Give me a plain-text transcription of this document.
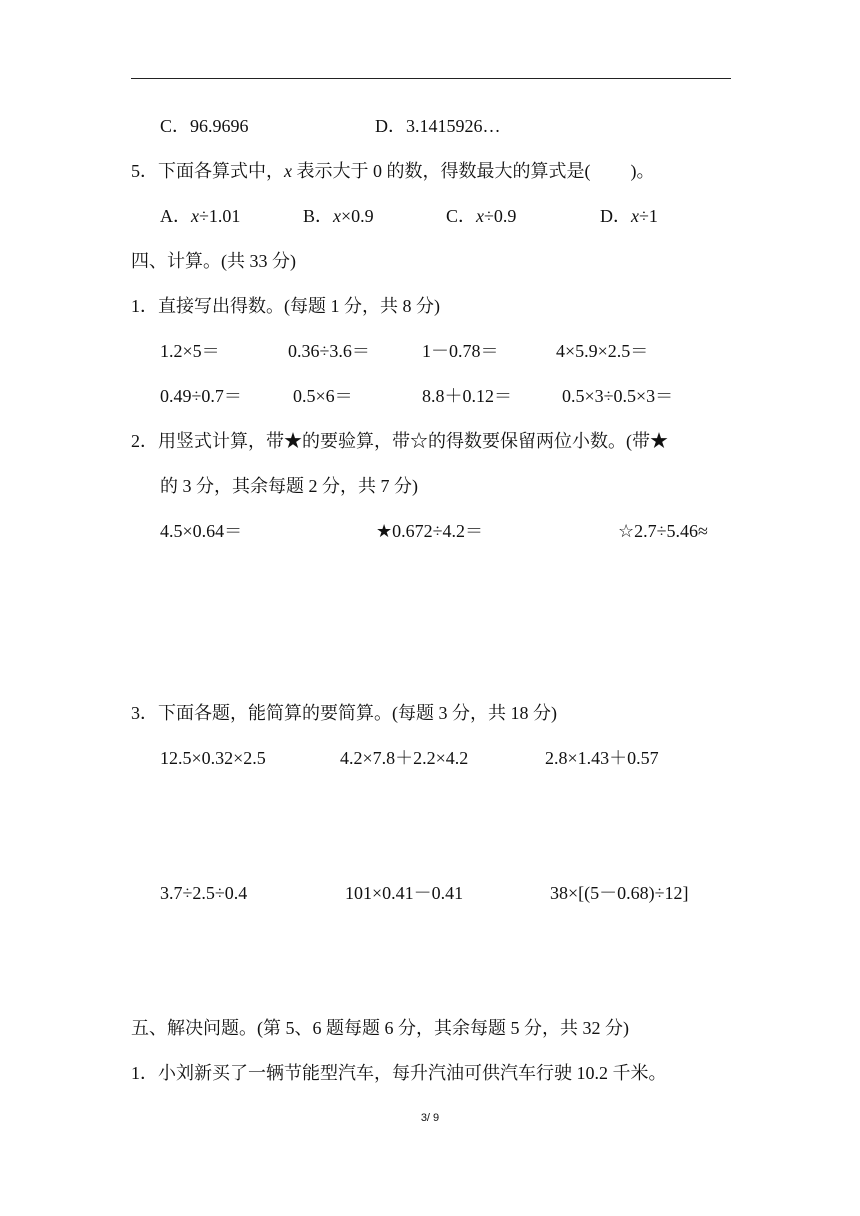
C．96.9696	D．3.1415926…
5．下面各算式中，x 表示大于 0 的数，得数最大的算式是( )。
A．x÷1.01	B．x×0.9	C．x÷0.9	D．x÷1
四、计算。(共 33 分)
1．直接写出得数。(每题 1 分，共 8 分)
1.2×5＝	0.36÷3.6＝	1－0.78＝	4×5.9×2.5＝
0.49÷0.7＝	0.5×6＝	8.8＋0.12＝	0.5×3÷0.5×3＝
2．用竖式计算，带★的要验算，带☆的得数要保留两位小数。(带★
的 3 分，其余每题 2 分，共 7 分)
4.5×0.64＝	★0.672÷4.2＝	☆2.7÷5.46≈
3．下面各题，能简算的要简算。(每题 3 分，共 18 分)
12.5×0.32×2.5	4.2×7.8＋2.2×4.2	2.8×1.43＋0.57
3.7÷2.5÷0.4	101×0.41－0.41	38×[(5－0.68)÷12]
五、解决问题。(第 5、6 题每题 6 分，其余每题 5 分，共 32 分)
1．小刘新买了一辆节能型汽车，每升汽油可供汽车行驶 10.2 千米。
3/ 9
